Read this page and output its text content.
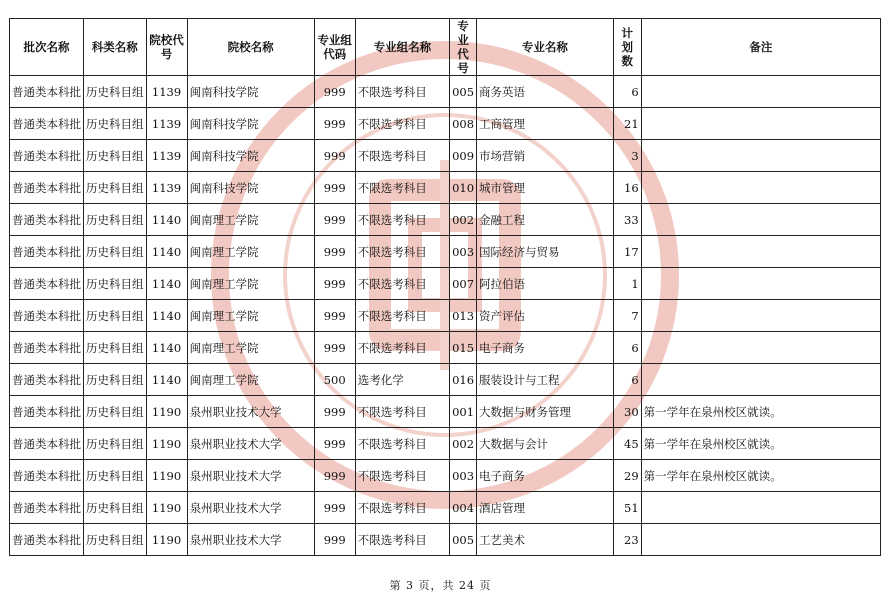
批次名称	科类名称	院校代号	院校名称	专业组代码	专业组名称	专业代号	专业名称	计划数	备注
普通类本科批	历史科目组	1139	闽南科技学院	999	不限选考科目	005	商务英语	6	
普通类本科批	历史科目组	1139	闽南科技学院	999	不限选考科目	008	工商管理	21	
普通类本科批	历史科目组	1139	闽南科技学院	999	不限选考科目	009	市场营销	3	
普通类本科批	历史科目组	1139	闽南科技学院	999	不限选考科目	010	城市管理	16	
普通类本科批	历史科目组	1140	闽南理工学院	999	不限选考科目	002	金融工程	33	
普通类本科批	历史科目组	1140	闽南理工学院	999	不限选考科目	003	国际经济与贸易	17	
普通类本科批	历史科目组	1140	闽南理工学院	999	不限选考科目	007	阿拉伯语	1	
普通类本科批	历史科目组	1140	闽南理工学院	999	不限选考科目	013	资产评估	7	
普通类本科批	历史科目组	1140	闽南理工学院	999	不限选考科目	015	电子商务	6	
普通类本科批	历史科目组	1140	闽南理工学院	500	选考化学	016	服装设计与工程	6	
普通类本科批	历史科目组	1190	泉州职业技术大学	999	不限选考科目	001	大数据与财务管理	30	第一学年在泉州校区就读。
普通类本科批	历史科目组	1190	泉州职业技术大学	999	不限选考科目	002	大数据与会计	45	第一学年在泉州校区就读。
普通类本科批	历史科目组	1190	泉州职业技术大学	999	不限选考科目	003	电子商务	29	第一学年在泉州校区就读。
普通类本科批	历史科目组	1190	泉州职业技术大学	999	不限选考科目	004	酒店管理	51	
普通类本科批	历史科目组	1190	泉州职业技术大学	999	不限选考科目	005	工艺美术	23	
第 3 页，共 24 页
